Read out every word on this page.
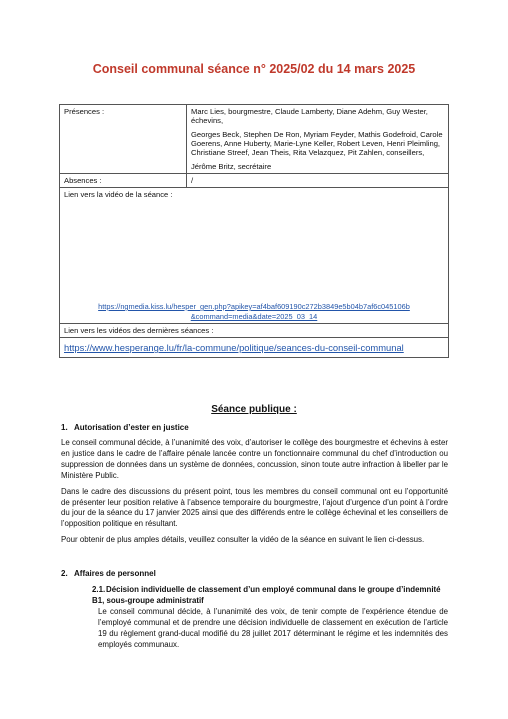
Conseil communal séance n° 2025/02 du 14 mars 2025
Présences :	Marc Lies, bourgmestre, Claude Lamberty, Diane Adehm, Guy Wester, échevins,

Georges Beck, Stephen De Ron, Myriam Feyder, Mathis Godefroid, Carole Goerens, Anne Huberty, Marie-Lyne Keller, Robert Leven, Henri Pleimling, Christiane Streef, Jean Theis, Rita Velazquez, Pit Zahlen, conseillers,

Jérôme Britz, secrétaire

Absences :	/
Lien vers la vidéo de la séance :	

https://ngmedia.kiss.lu/hesper_gen.php?apikey=af4baf609190c272b3849e5b04b7af6c045106b
&command=media&date=2025_03_14	

Lien vers les vidéos des dernières séances :	
https://www.hesperange.lu/fr/la-commune/politique/seances-du-conseil-communal	
Séance publique :
1. Autorisation d’ester en justice

Le conseil communal décide, à l’unanimité des voix, d’autoriser le collège des bourgmestre et échevins à ester en justice dans le cadre de l’affaire pénale lancée contre un fonctionnaire communal du chef d’introduction ou suppression de données dans un système de données, concussion, sinon toute autre infraction à libeller par le Ministère Public.

Dans le cadre des discussions du présent point, tous les membres du conseil communal ont eu l’opportunité de présenter leur position relative à l’absence temporaire du bourgmestre, l’ajout d’urgence d’un point à l’ordre du jour de la séance du 17 janvier 2025 ainsi que des différends entre le collège échevinal et les conseillers de l’opposition politique en résultant.

Pour obtenir de plus amples détails, veuillez consulter la vidéo de la séance en suivant le lien ci-dessus.

2. Affaires de personnel
2.1.Décision individuelle de classement d’un employé communal dans le groupe d’indemnité B1, sous-groupe administratif
Le conseil communal décide, à l’unanimité des voix, de tenir compte de l’expérience étendue de l’employé communal et de prendre une décision individuelle de classement en exécution de l’article 19 du règlement grand-ducal modifié du 28 juillet 2017 déterminant le régime et les indemnités des employés communaux.
